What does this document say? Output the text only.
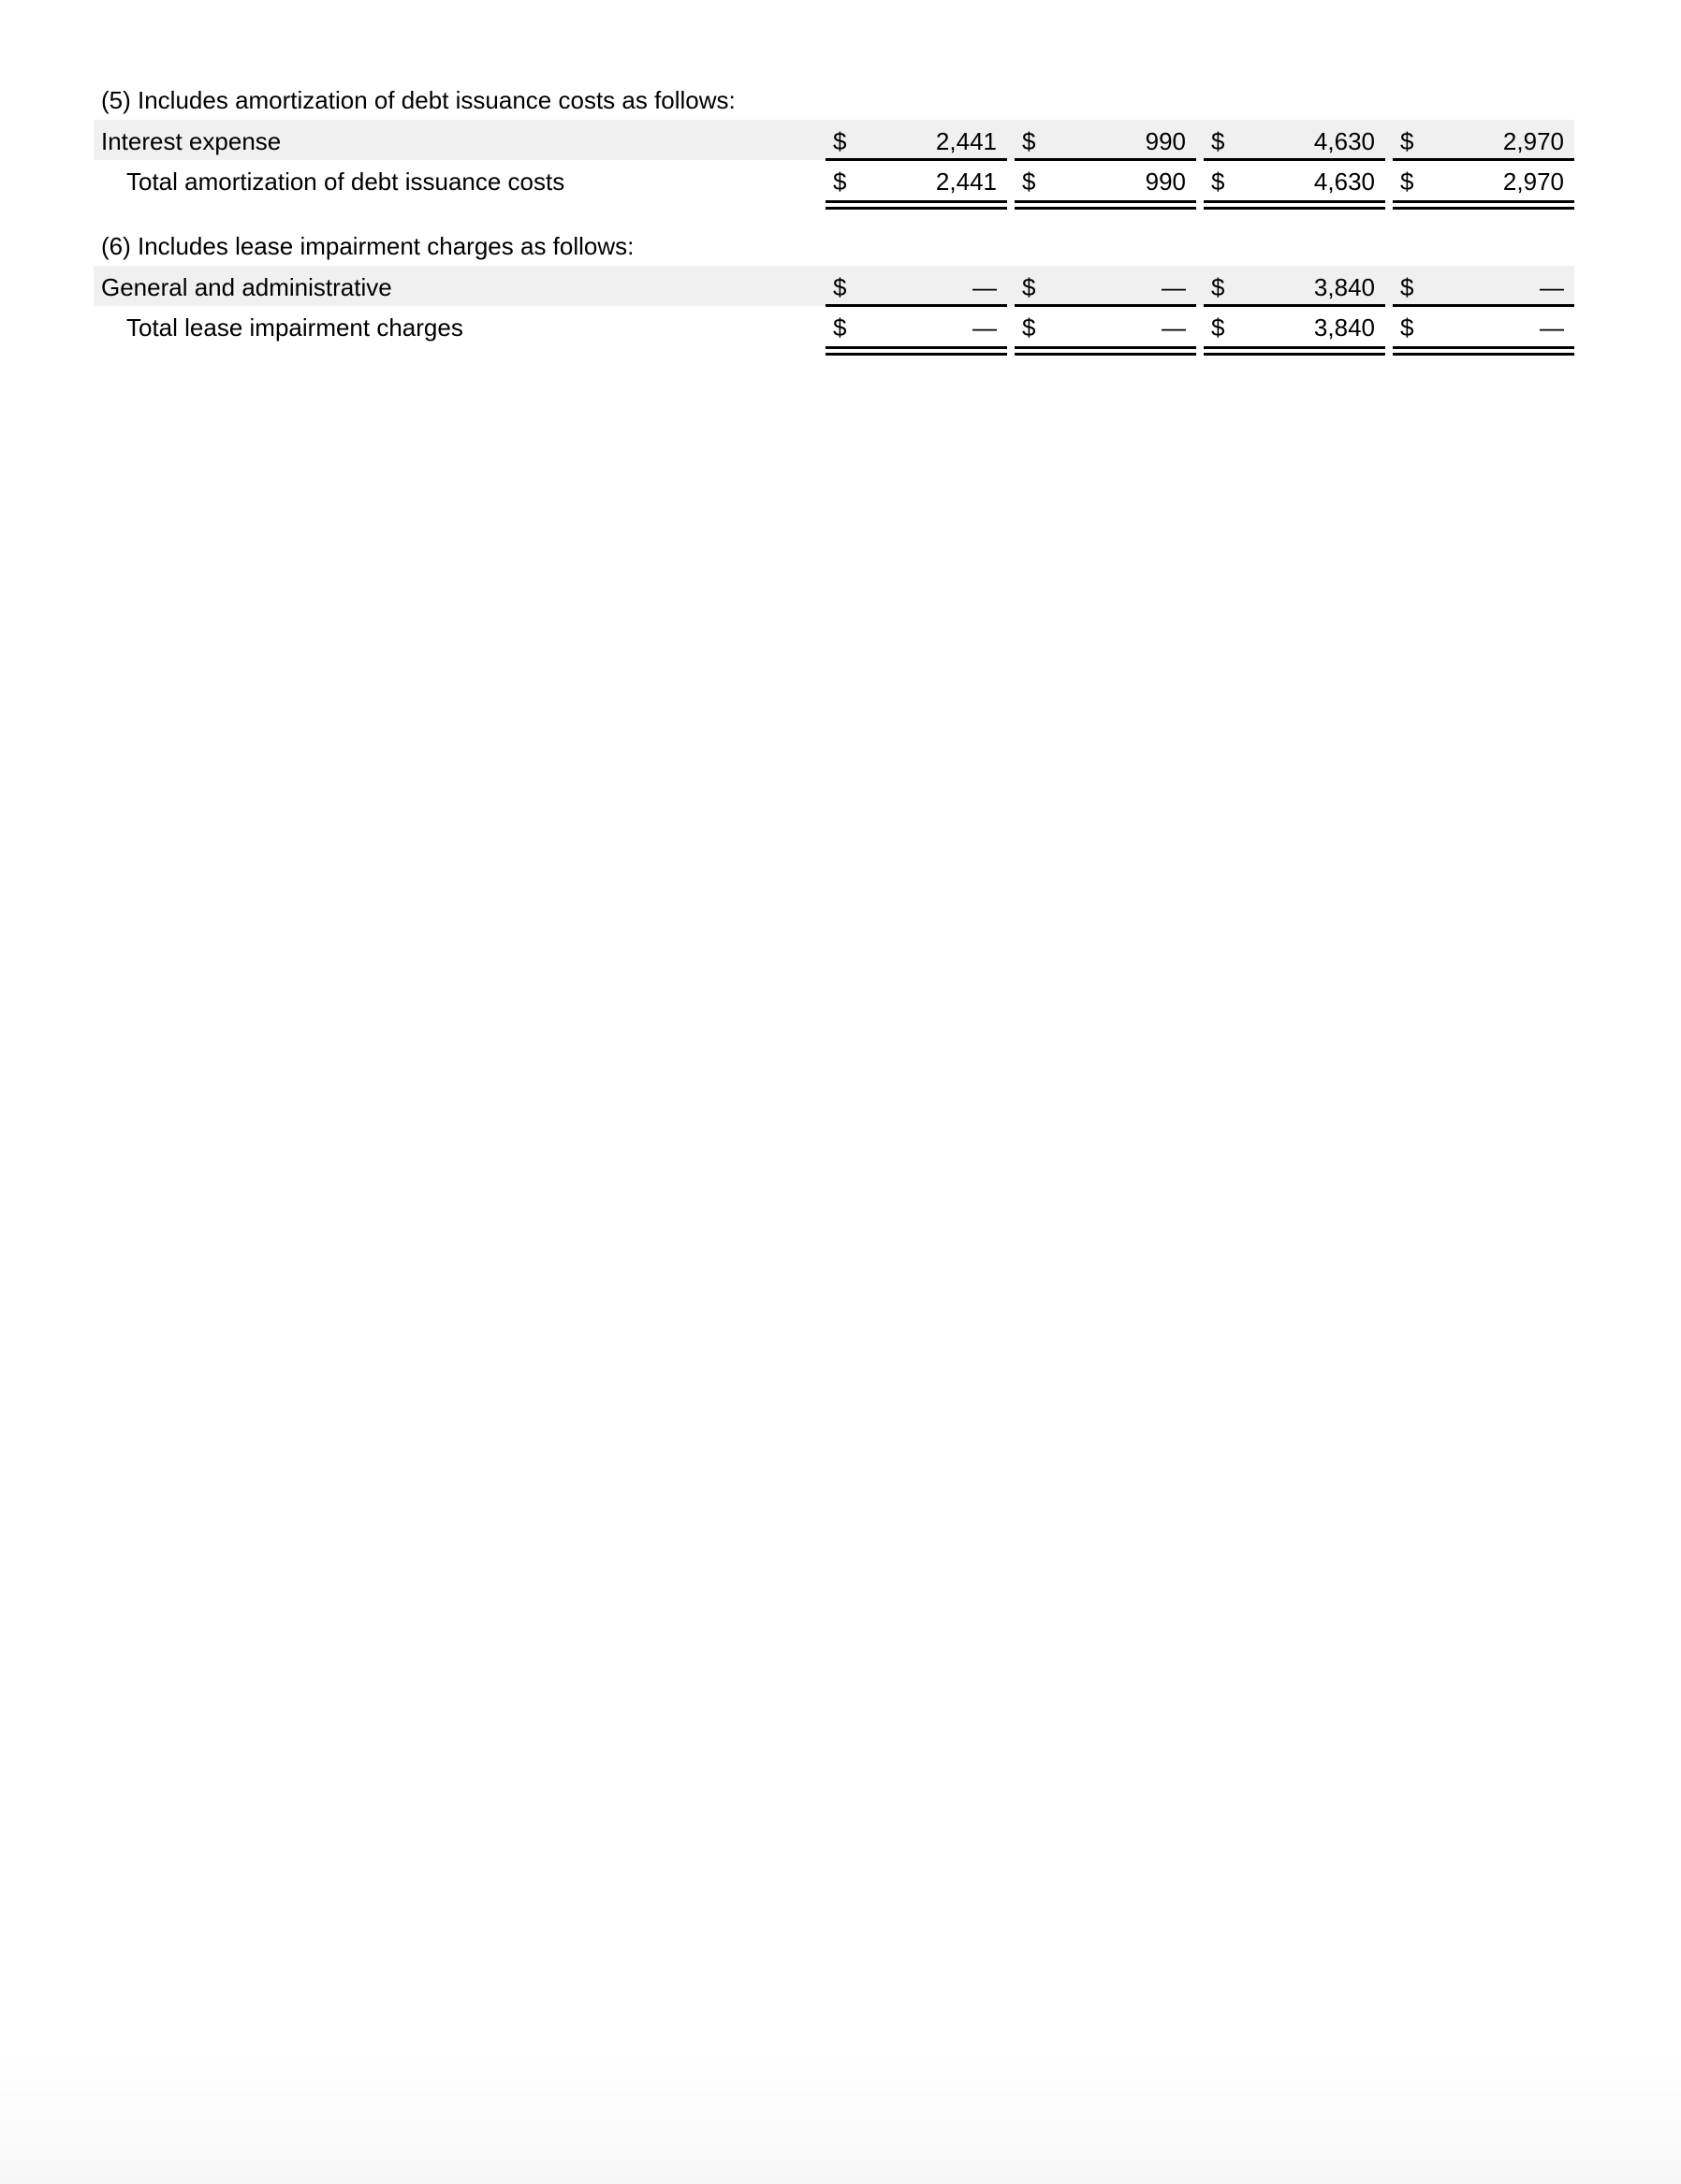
(5) Includes amortization of debt issuance costs as follows:
Interest expense	$	2,441 $	990 $	4,630 $	2,970
Total amortization of debt issuance costs	$	2,441 $	990 $	4,630 $	2,970
(6) Includes lease impairment charges as follows:
General and administrative	$	— $	— $	3,840 $	—
Total lease impairment charges	$	— $	— $	3,840 $	—
